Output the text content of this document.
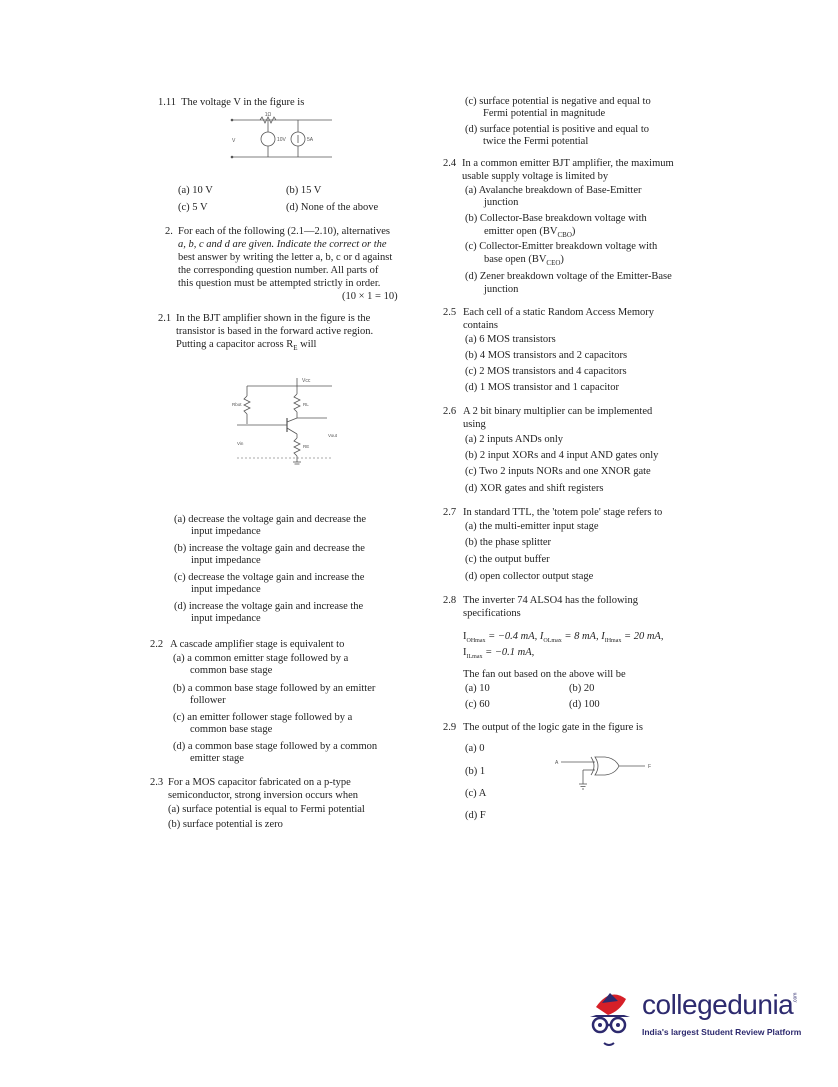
1.11 The voltage V in the figure is
1Ω
V	10V	5A
(a) 10 V	(b) 15 V
(c) 5 V	(d) None of the above
2. For each of the following (2.1—2.10), alternatives
a, b, c and d are given. Indicate the correct or the
best answer by writing the letter a, b, c or d against
the corresponding question number. All parts of
this question must be attempted strictly in order.
(10 × 1 = 10)
2.1 In the BJT amplifier shown in the figure is the
transistor is based in the forward active region.
Putting a capacitor across $R_E$ will
Vcc
Rbot	RL
RE
Vin
Vout
(a) decrease the voltage gain and decrease the
input impedance
(b) increase the voltage gain and decrease the
input impedance
(c) decrease the voltage gain and increase the
input impedance
(d) increase the voltage gain and increase the
input impedance
2.2 A cascade amplifier stage is equivalent to
(a) a common emitter stage followed by a
common base stage
(b) a common base stage followed by an emitter
follower
(c) an emitter follower stage followed by a
common base stage
(d) a common base stage followed by a common
emitter stage
2.3 For a MOS capacitor fabricated on a p-type
semiconductor, strong inversion occurs when
(a) surface potential is equal to Fermi potential
(b) surface potential is zero
(c) surface potential is negative and equal to
Fermi potential in magnitude
(d) surface potential is positive and equal to
twice the Fermi potential
2.4 In a common emitter BJT amplifier, the maximum
usable supply voltage is limited by
(a) Avalanche breakdown of Base-Emitter
junction
(b) Collector-Base breakdown voltage with
emitter open $(BV_{CBO})$
(c) Collector-Emitter breakdown voltage with
base open $(BV_{CEO})$
(d) Zener breakdown voltage of the Emitter-Base
junction
2.5 Each cell of a static Random Access Memory
contains
(a) 6 MOS transistors
(b) 4 MOS transistors and 2 capacitors
(c) 2 MOS transistors and 4 capacitors
(d) 1 MOS transistor and 1 capacitor
2.6 A 2 bit binary multiplier can be implemented
using
(a) 2 inputs ANDs only
(b) 2 input XORs and 4 input AND gates only
(c) Two 2 inputs NORs and one XNOR gate
(d) XOR gates and shift registers
2.7 In standard TTL, the 'totem pole' stage refers to
(a) the multi-emitter input stage
(b) the phase splitter
(c) the output buffer
(d) open collector output stage
2.8 The inverter 74 ALSO4 has the following
specifications
$I_{OHmax} = -0.4$ mA, $I_{OLmax} = 8$ mA, $I_{IHmax} = 20$ mA,
$I_{ILmax} = -0.1$ mA,
The fan out based on the above will be
(a) 10	(b) 20
(c) 60	(d) 100
2.9 The output of the logic gate in the figure is
(a) 0
(b) 1
(c) A
(d) F
A
F
collegedunia
India's largest Student Review Platform
.com
